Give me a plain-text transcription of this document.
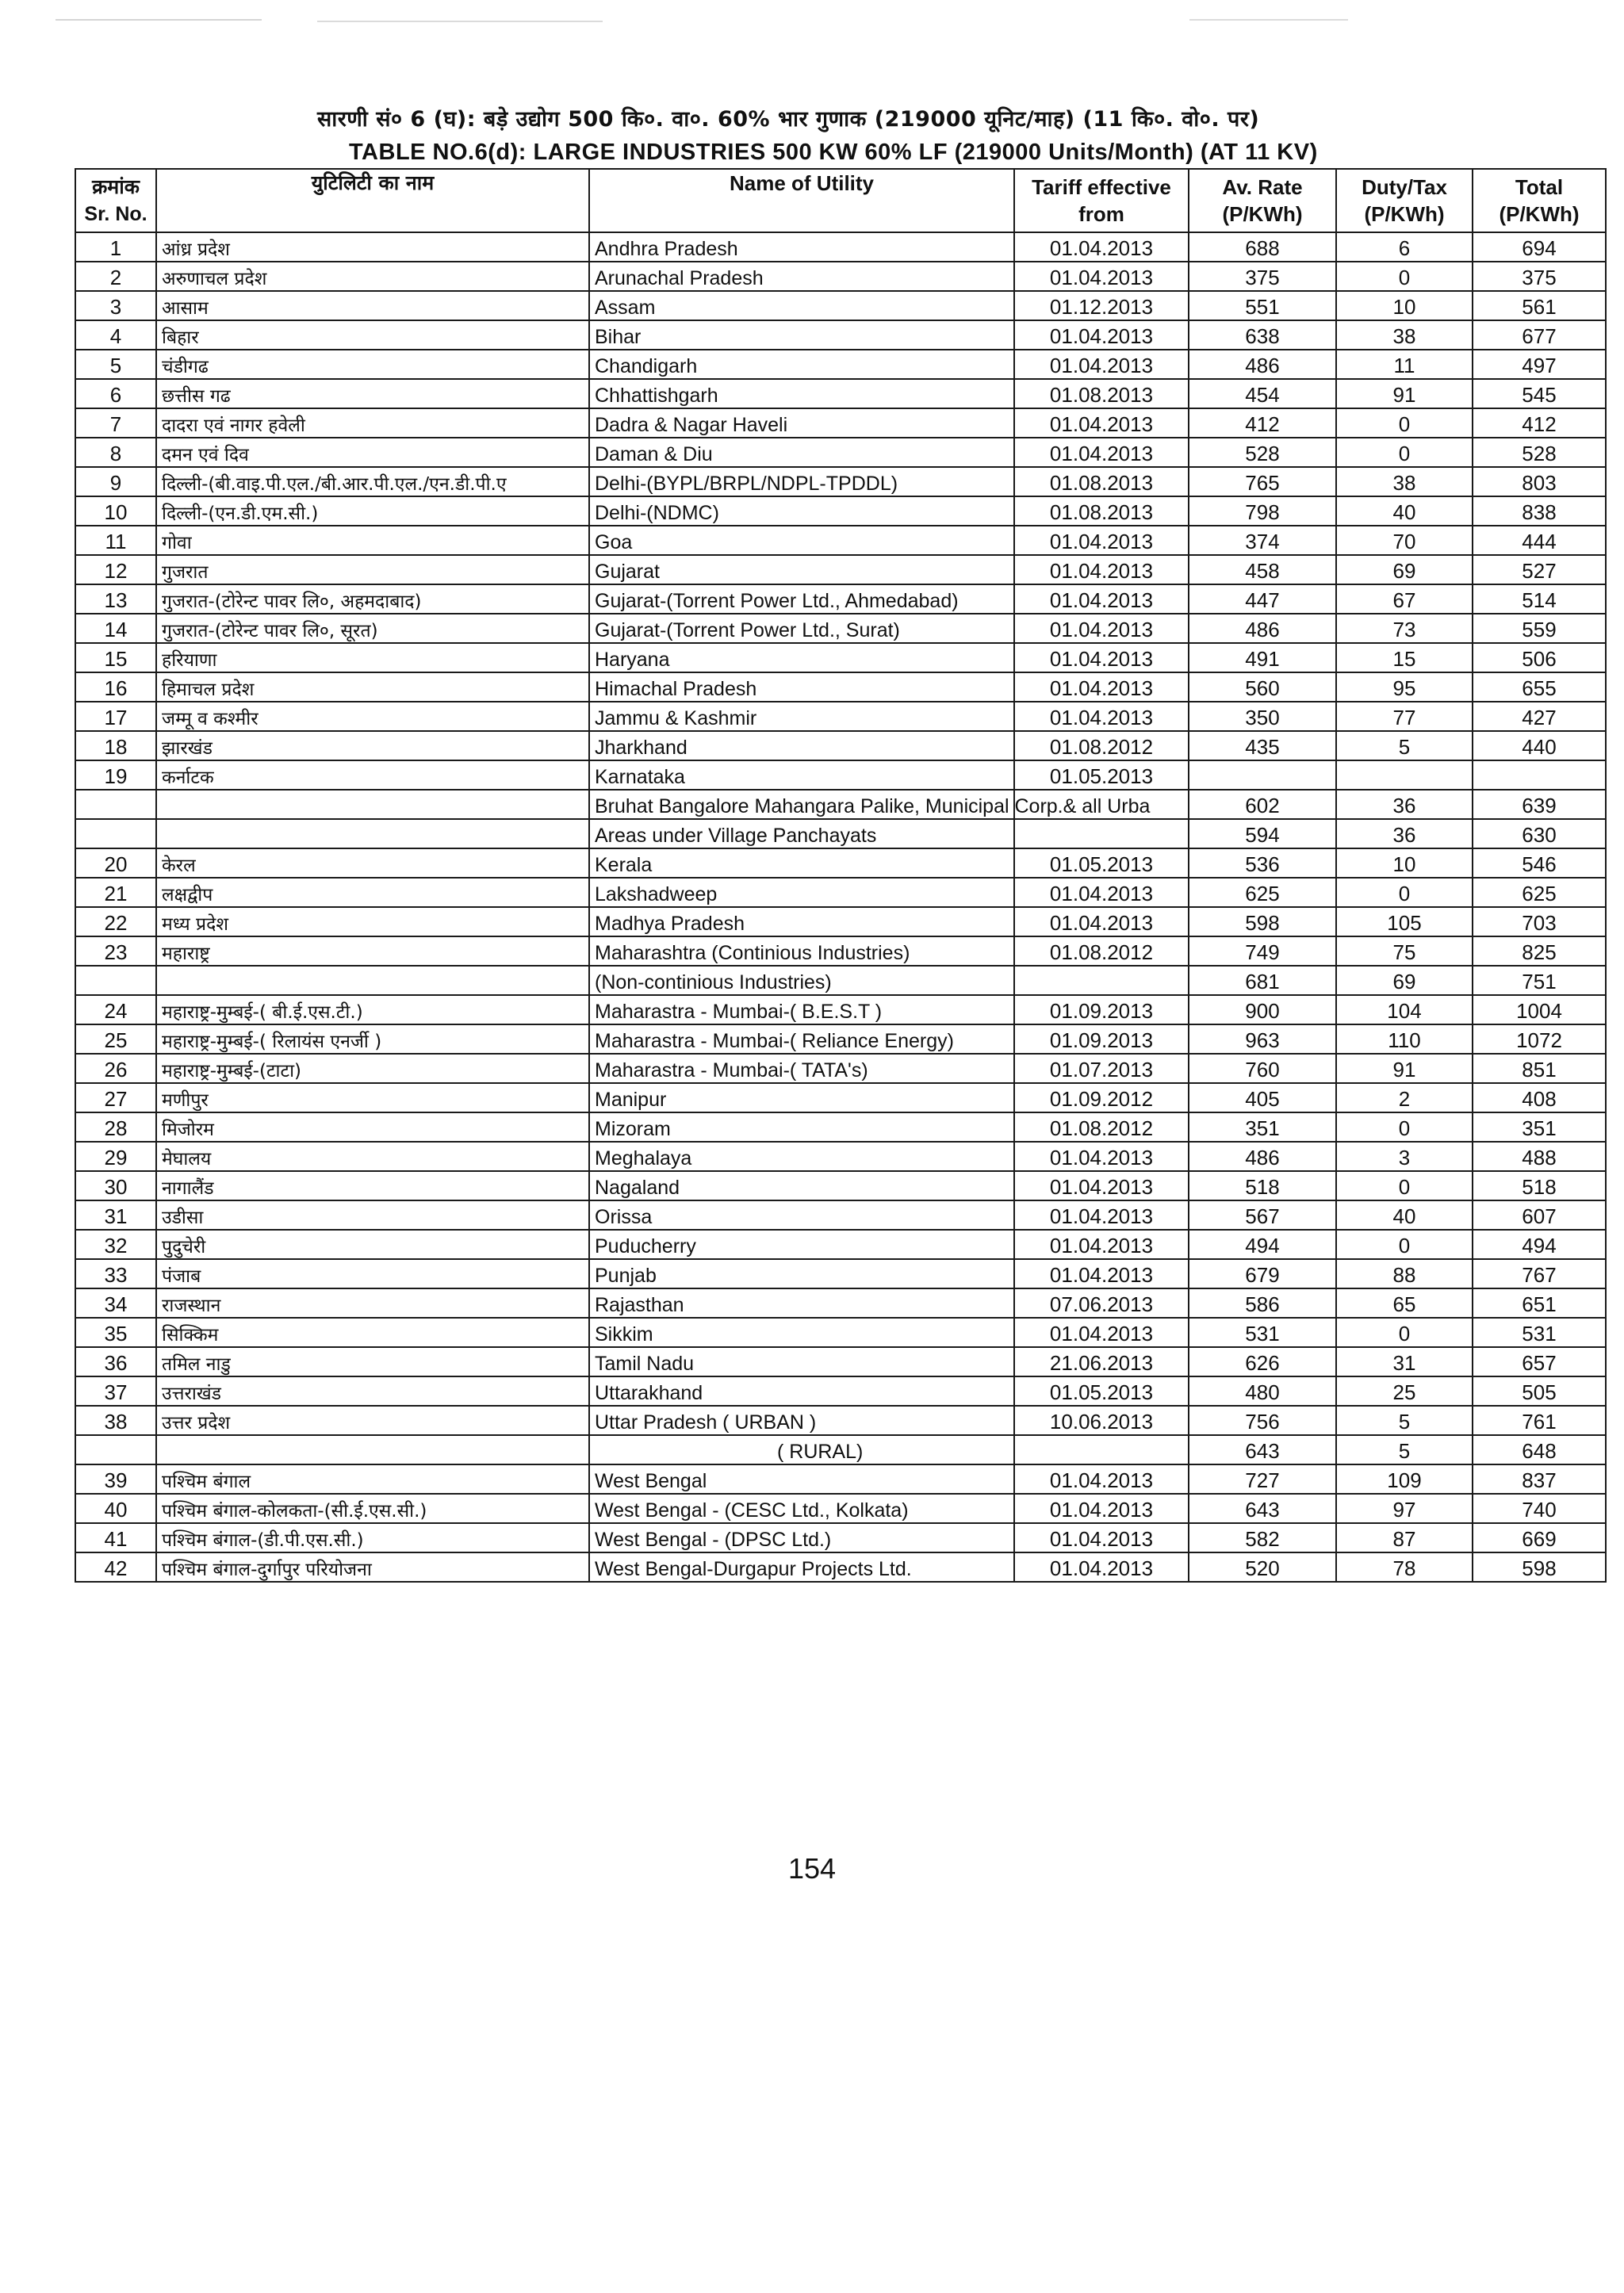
सारणी सं० 6 (घ): बड़े उद्योग 500 कि०. वा०. 60% भार गुणाक (219000 यूनिट/माह) (11 कि०. वो०. पर)
TABLE NO.6(d): LARGE INDUSTRIES 500 KW 60% LF (219000 Units/Month) (AT 11 KV)
क्रमांक
Sr. No.	युटिलिटी का नाम	Name of Utility	Tariff effective from	Av. Rate (P/KWh)	Duty/Tax (P/KWh)	Total (P/KWh)
1	आंध्र प्रदेश	Andhra Pradesh	01.04.2013	688	6	694
2	अरुणाचल प्रदेश	Arunachal Pradesh	01.04.2013	375	0	375
3	आसाम	Assam	01.12.2013	551	10	561
4	बिहार	Bihar	01.04.2013	638	38	677
5	चंडीगढ	Chandigarh	01.04.2013	486	11	497
6	छत्तीस गढ	Chhattishgarh	01.08.2013	454	91	545
7	दादरा एवं नागर हवेली	Dadra & Nagar Haveli	01.04.2013	412	0	412
8	दमन एवं दिव	Daman & Diu	01.04.2013	528	0	528
9	दिल्ली-(बी.वाइ.पी.एल./बी.आर.पी.एल./एन.डी.पी.ए	Delhi-(BYPL/BRPL/NDPL-TPDDL)	01.08.2013	765	38	803
10	दिल्ली-(एन.डी.एम.सी.)	Delhi-(NDMC)	01.08.2013	798	40	838
11	गोवा	Goa	01.04.2013	374	70	444
12	गुजरात	Gujarat	01.04.2013	458	69	527
13	गुजरात-(टोरेन्ट पावर लि०, अहमदाबाद)	Gujarat-(Torrent Power Ltd., Ahmedabad)	01.04.2013	447	67	514
14	गुजरात-(टोरेन्ट पावर लि०, सूरत)	Gujarat-(Torrent Power Ltd., Surat)	01.04.2013	486	73	559
15	हरियाणा	Haryana	01.04.2013	491	15	506
16	हिमाचल प्रदेश	Himachal Pradesh	01.04.2013	560	95	655
17	जम्मू व कश्मीर	Jammu & Kashmir	01.04.2013	350	77	427
18	झारखंड	Jharkhand	01.08.2012	435	5	440
19	कर्नाटक	Karnataka	01.05.2013			
		Bruhat Bangalore Mahangara Palike, Municipal Corp.& all Urba		602	36	639
		Areas under Village Panchayats		594	36	630
20	केरल	Kerala	01.05.2013	536	10	546
21	लक्षद्वीप	Lakshadweep	01.04.2013	625	0	625
22	मध्य प्रदेश	Madhya Pradesh	01.04.2013	598	105	703
23	महाराष्ट्र	Maharashtra (Continious Industries)	01.08.2012	749	75	825
		(Non-continious Industries)		681	69	751
24	महाराष्ट्र-मुम्बई-( बी.ई.एस.टी.)	Maharastra - Mumbai-( B.E.S.T )	01.09.2013	900	104	1004
25	महाराष्ट्र-मुम्बई-( रिलायंस एनर्जी )	Maharastra - Mumbai-( Reliance Energy)	01.09.2013	963	110	1072
26	महाराष्ट्र-मुम्बई-(टाटा)	Maharastra - Mumbai-( TATA's)	01.07.2013	760	91	851
27	मणीपुर	Manipur	01.09.2012	405	2	408
28	मिजोरम	Mizoram	01.08.2012	351	0	351
29	मेघालय	Meghalaya	01.04.2013	486	3	488
30	नागालैंड	Nagaland	01.04.2013	518	0	518
31	उडीसा	Orissa	01.04.2013	567	40	607
32	पुदुचेरी	Puducherry	01.04.2013	494	0	494
33	पंजाब	Punjab	01.04.2013	679	88	767
34	राजस्थान	Rajasthan	07.06.2013	586	65	651
35	सिक्किम	Sikkim	01.04.2013	531	0	531
36	तमिल नाडु	Tamil Nadu	21.06.2013	626	31	657
37	उत्तराखंड	Uttarakhand	01.05.2013	480	25	505
38	उत्तर प्रदेश	Uttar Pradesh ( URBAN )	10.06.2013	756	5	761
		( RURAL)		643	5	648
39	पश्चिम बंगाल	West Bengal	01.04.2013	727	109	837
40	पश्चिम बंगाल-कोलकता-(सी.ई.एस.सी.)	West Bengal - (CESC Ltd., Kolkata)	01.04.2013	643	97	740
41	पश्चिम बंगाल-(डी.पी.एस.सी.)	West Bengal - (DPSC Ltd.)	01.04.2013	582	87	669
42	पश्चिम बंगाल-दुर्गापुर परियोजना	West Bengal-Durgapur Projects Ltd.	01.04.2013	520	78	598
154
